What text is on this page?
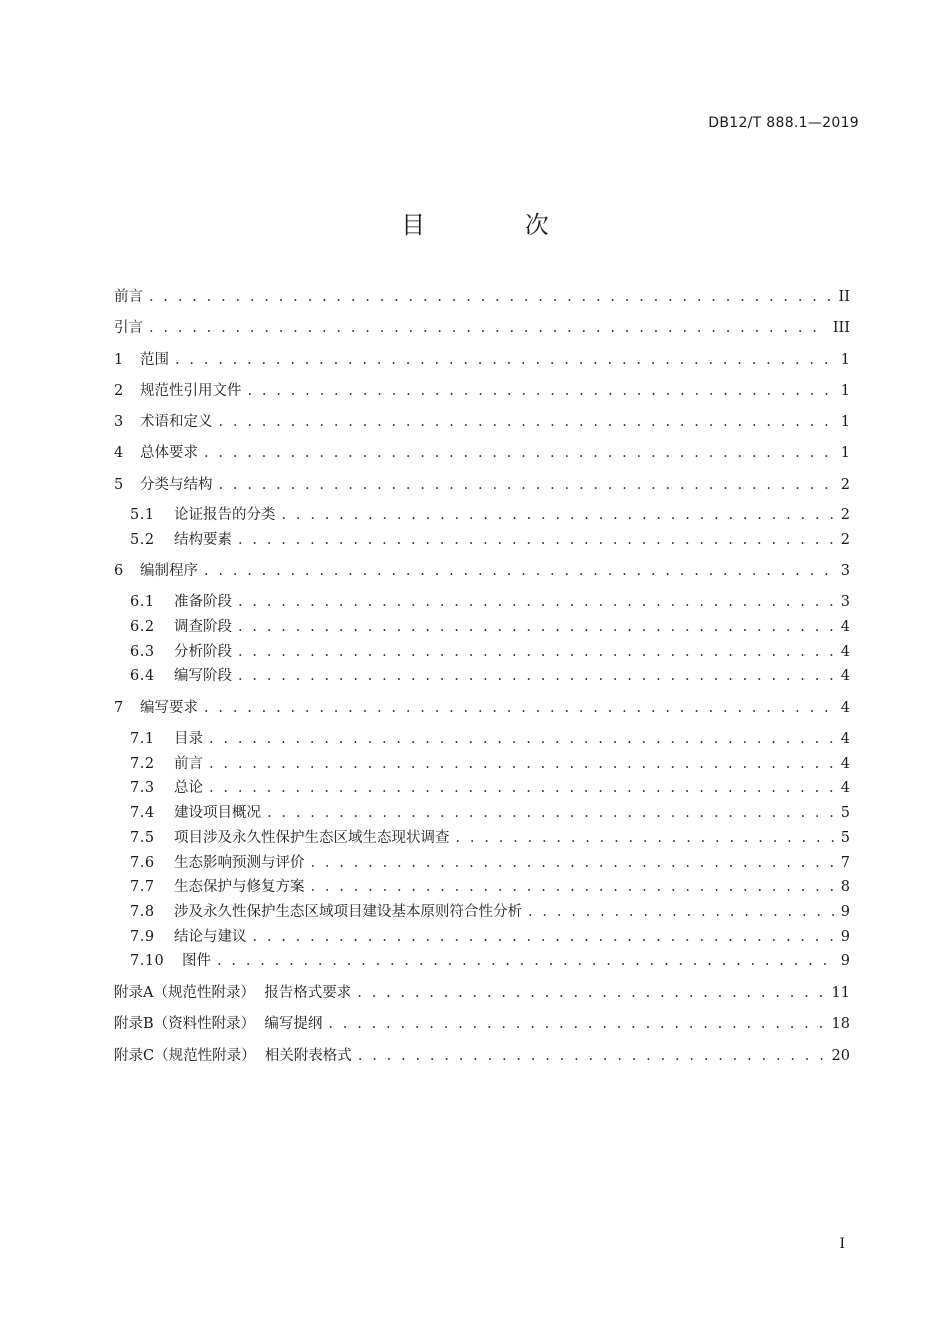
DB12/T 888.1—2019
目 次
前言 . . .	II
引言 . . .	III
1	范围 . . .	1
2	规范性引用文件 . . .	1
3	术语和定义 . . .	1
4	总体要求 . . .	1
5	分类与结构 . . .	2
5.1	论证报告的分类 . . .	2
5.2	结构要素 . . .	2
6	编制程序 . . .	3
6.1	准备阶段 . . .	3
6.2	调查阶段 . . .	4
6.3	分析阶段 . . .	4
6.4	编写阶段 . . .	4
7	编写要求 . . .	4
7.1	目录 . . .	4
7.2	前言 . . .	4
7.3	总论 . . .	4
7.4	建设项目概况 . . .	5
7.5	项目涉及永久性保护生态区域生态现状调查 . . .	5
7.6	生态影响预测与评价 . . .	7
7.7	生态保护与修复方案 . . .	8
7.8	涉及永久性保护生态区域项目建设基本原则符合性分析 . . .	9
7.9	结论与建议 . . .	9
7.10	图件 . . .	9
附录A（规范性附录）  报告格式要求 . . .	11
附录B（资料性附录）  编写提纲 . . .	18
附录C（规范性附录）  相关附表格式 . . .	20
I
